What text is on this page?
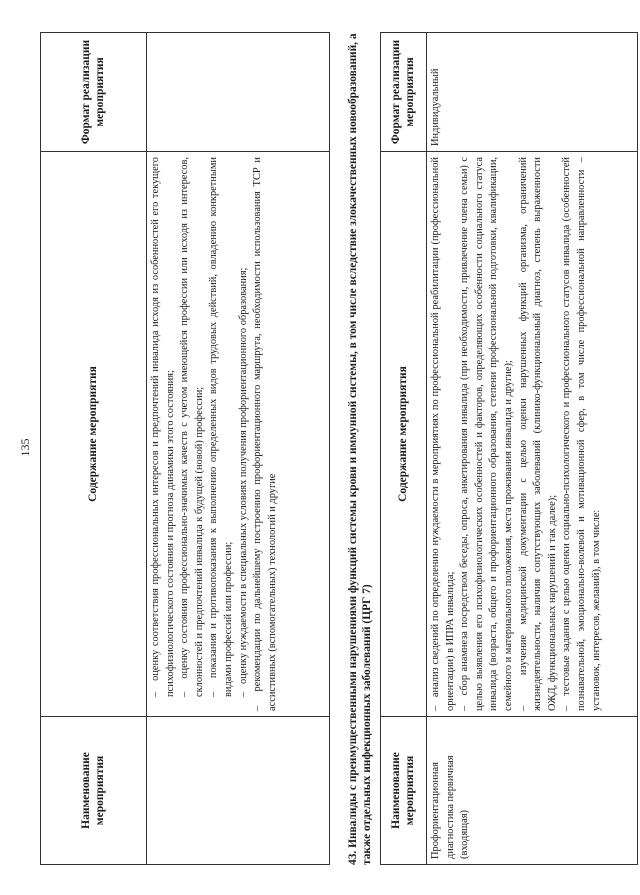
135
Наименование мероприятия	Содержание мероприятия	Формат реализации мероприятия

	–   оценку соответствия профессиональных интересов и предпочтений инвалида исходя из особенностей его текущего психофизиологического состояния и прогноза динамики этого состояния; –   оценку состояния профессионально-значимых качеств с учетом имеющейся профессии или исходя из интересов, склонностей и предпочтений инвалида к будущей (новой) профессии; –   показания и противопоказания к выполнению определенных видов трудовых действий, овладению конкретными видами профессий или профессии; –   оценку нуждаемости в специальных условиях получения профориентационного образования; –   рекомендации по дальнейшему построению профориентационного маршрута, необходимости использования ТСР и ассистивных (вспомогательных) технологий и другие	

		43. Инвалиды с преимущественными нарушениями функций системы крови и иммунной системы, в том числе вследствие злокачественных новообразований, а также отдельных инфекционных заболеваний (ЦРГ 7) Наименование мероприятия	Содержание мероприятия	Формат реализации мероприятия

Профориентационная диагностика первичная (входящая)	–   анализ сведений по определению нуждаемости в мероприятиях по профессиональной реабилитации (профессиональной ориентации) в ИПРА инвалида; –   сбор анамнеза посредством беседы, опроса, анкетирования инвалида (при необходимости, привлечение члена семьи) с целью выявления его психофизиологических особенностей и факторов, определяющих особенности социального статуса инвалида (возраста, общего и профориентационного образования, степени профессиональной подготовки, квалификации, семейного и материального положения, места проживания инвалида и другие); –   изучение медицинской документации с целью оценки нарушенных функций организма, ограничений жизнедеятельности, наличия сопутствующих заболеваний (клинико-функциональный диагноз, степень выраженности ОЖД, функциональных нарушений и так далее); –   тестовые задания с целью оценки социально-психологического и профессионального статусов инвалида (особенностей познавательной, эмоционально-волевой и мотивационной сфер, в том числе профессиональной направленности – установок, интересов, желаний), в том числе:	Индивидуальный
